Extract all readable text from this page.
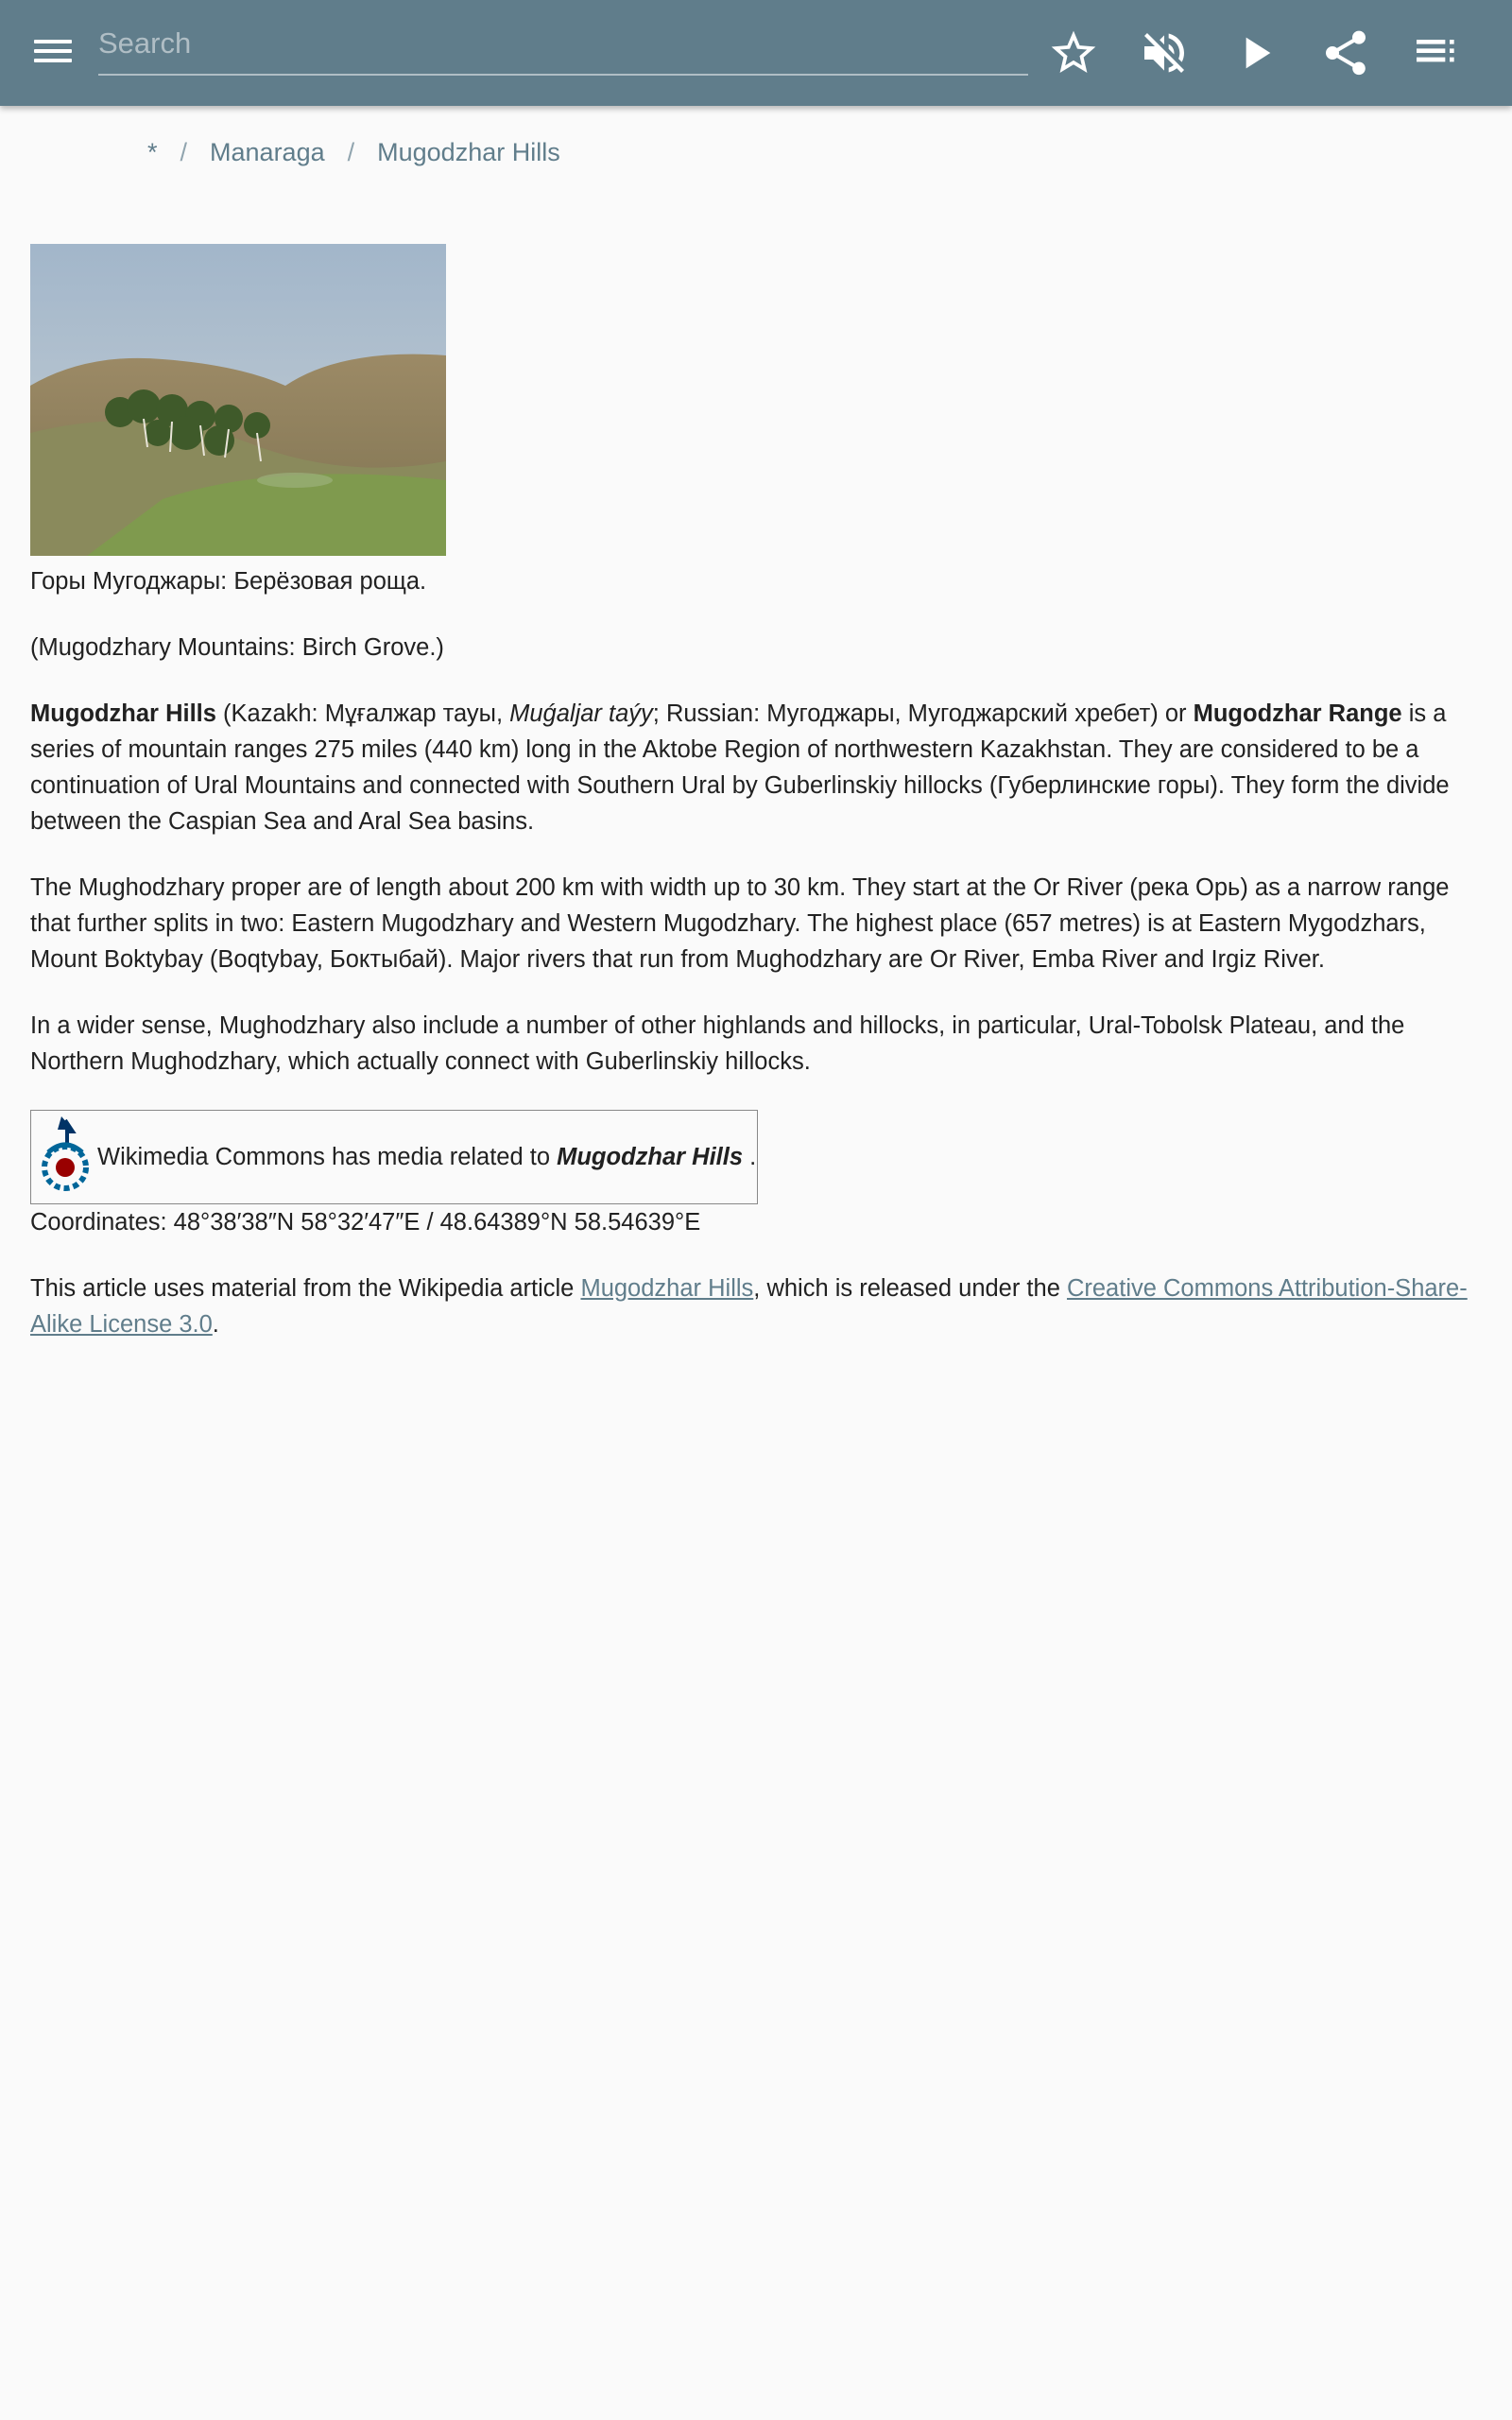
Search
* / Manaraga / Mugodzhar Hills

Горы Мугоджары: Берёзовая роща.

(Mugodzhary Mountains: Birch Grove.)

Mugodzhar Hills (Kazakh: Мұғалжар тауы, Muǵaljar taýy; Russian: Мугоджары, Мугоджарский хребет) or Mugodzhar Range is a series of mountain ranges 275 miles (440 km) long in the Aktobe Region of northwestern Kazakhstan. They are considered to be a continuation of Ural Mountains and connected with Southern Ural by Guberlinskiy hillocks (Губерлинские горы). They form the divide between the Caspian Sea and Aral Sea basins.

The Mughodzhary proper are of length about 200 km with width up to 30 km. They start at the Or River (река Орь) as a narrow range that further splits in two: Eastern Mugodzhary and Western Mugodzhary. The highest place (657 metres) is at Eastern Mygodzhars, Mount Boktybay (Boqtybay, Бoктыбай). Major rivers that run from Mughodzhary are Or River, Emba River and Irgiz River.

In a wider sense, Mughodzhary also include a number of other highlands and hillocks, in particular, Ural-Tobolsk Plateau, and the Northern Mughodzhary, which actually connect with Guberlinskiy hillocks.

Wikimedia Commons has media related to Mugodzhar Hills .

Coordinates: 48°38′38″N 58°32′47″E / 48.64389°N 58.54639°E

This article uses material from the Wikipedia article Mugodzhar Hills, which is released under the Creative Commons Attribution-Share-Alike License 3.0.
